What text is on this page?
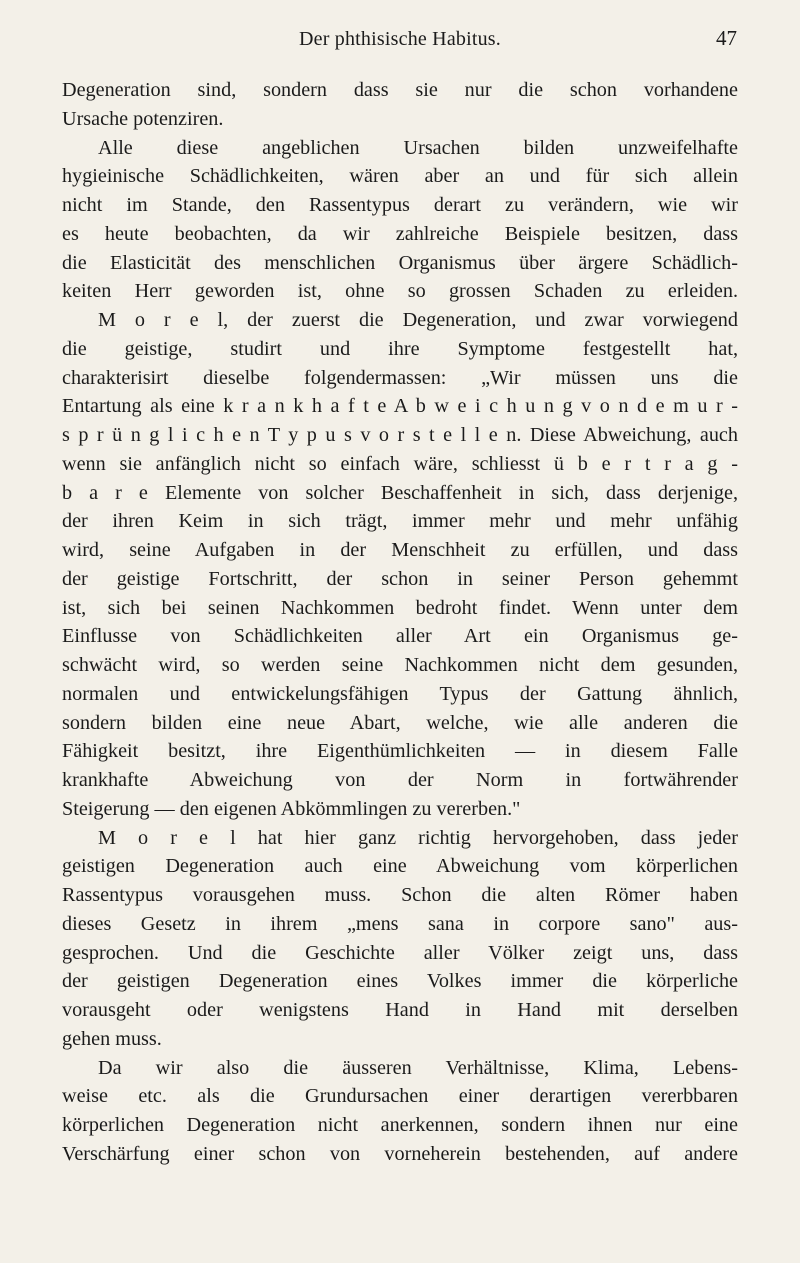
Der phthisische Habitus.	47
Degeneration sind, sondern dass sie nur die schon vorhandene
Ursache potenziren.
Alle diese angeblichen Ursachen bilden unzweifelhafte
hygieinische Schädlichkeiten, wären aber an und für sich allein
nicht im Stande, den Rassentypus derart zu verändern, wie wir
es heute beobachten, da wir zahlreiche Beispiele besitzen, dass
die Elasticität des menschlichen Organismus über ärgere Schädlich-
keiten Herr geworden ist, ohne so grossen Schaden zu erleiden.
M o r e l, der zuerst die Degeneration, und zwar vorwiegend
die geistige, studirt und ihre Symptome festgestellt hat,
charakterisirt dieselbe folgendermassen: „Wir müssen uns die
Entartung als eine k r a n k h a f t e A b w e i c h u n g v o n d e m u r -
s p r ü n g l i c h e n T y p u s v o r s t e l l e n. Diese Abweichung, auch
wenn sie anfänglich nicht so einfach wäre, schliesst ü b e r t r a g -
b a r e Elemente von solcher Beschaffenheit in sich, dass derjenige,
der ihren Keim in sich trägt, immer mehr und mehr unfähig
wird, seine Aufgaben in der Menschheit zu erfüllen, und dass
der geistige Fortschritt, der schon in seiner Person gehemmt
ist, sich bei seinen Nachkommen bedroht findet. Wenn unter dem
Einflusse von Schädlichkeiten aller Art ein Organismus ge-
schwächt wird, so werden seine Nachkommen nicht dem gesunden,
normalen und entwickelungsfähigen Typus der Gattung ähnlich,
sondern bilden eine neue Abart, welche, wie alle anderen die
Fähigkeit besitzt, ihre Eigenthümlichkeiten — in diesem Falle
krankhafte Abweichung von der Norm in fortwährender
Steigerung — den eigenen Abkömmlingen zu vererben."
M o r e l hat hier ganz richtig hervorgehoben, dass jeder
geistigen Degeneration auch eine Abweichung vom körperlichen
Rassentypus vorausgehen muss. Schon die alten Römer haben
dieses Gesetz in ihrem „mens sana in corpore sano" aus-
gesprochen. Und die Geschichte aller Völker zeigt uns, dass
der geistigen Degeneration eines Volkes immer die körperliche
vorausgeht oder wenigstens Hand in Hand mit derselben
gehen muss.
Da wir also die äusseren Verhältnisse, Klima, Lebens-
weise etc. als die Grundursachen einer derartigen vererbbaren
körperlichen Degeneration nicht anerkennen, sondern ihnen nur eine
Verschärfung einer schon von vorneherein bestehenden, auf andere
